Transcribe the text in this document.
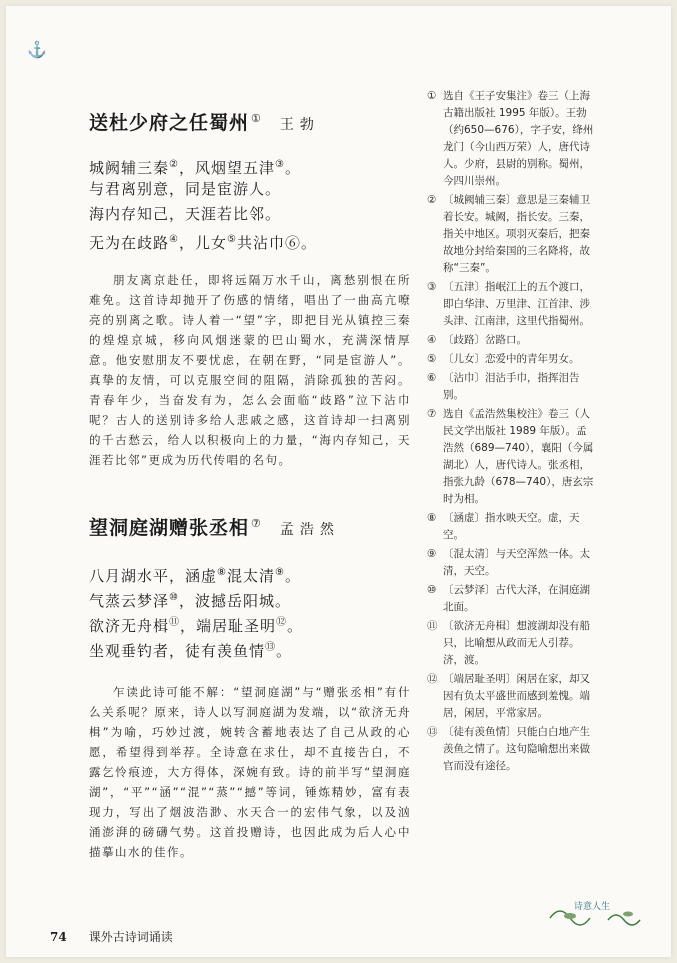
⚓
送杜少府之任蜀州 ① 王勃
城阙辅三秦②，风烟望五津③。
与君离别意，同是宦游人。
海内存知己，天涯若比邻。
无为在歧路④，儿女⑤共沾巾⑥。

朋友离京赴任，即将远隔万水千山，离愁别恨在所难免。这首诗却抛开了伤感的情绪，唱出了一曲高亢嘹亮的别离之歌。诗人着一“望”字，即把目光从镇控三秦的煌煌京城，移向风烟迷蒙的巴山蜀水，充满深情厚意。他安慰朋友不要忧虑，在朝在野，“同是宦游人”。真挚的友情，可以克服空间的阻隔，消除孤独的苦闷。青春年少，当奋发有为，怎么会面临“歧路”泣下沾巾呢？古人的送别诗多给人悲戚之感，这首诗却一扫离别的千古愁云，给人以积极向上的力量，“海内存知己，天涯若比邻”更成为历代传唱的名句。

望洞庭湖赠张丞相 ⑦ 孟浩然
八月湖水平，涵虚⑧混太清⑨。
气蒸云梦泽⑩，波撼岳阳城。
欲济无舟楫⑪，端居耻圣明⑫。
坐观垂钓者，徒有羡鱼情⑬。

乍读此诗可能不解：“望洞庭湖”与“赠张丞相”有什么关系呢？原来，诗人以写洞庭湖为发端，以“欲济无舟楫”为喻，巧妙过渡，婉转含蓄地表达了自己从政的心愿，希望得到举荐。全诗意在求仕，却不直接告白，不露乞怜痕迹，大方得体，深婉有致。诗的前半写“望洞庭湖”，“平”“涵”“混”“蒸”“撼”等词，锤炼精妙，富有表现力，写出了烟波浩渺、水天合一的宏伟气象，以及汹涌澎湃的磅礴气势。这首投赠诗，也因此成为后人心中描摹山水的佳作。

① 选自《王子安集注》卷三（上海古籍出版社 1995 年版）。王勃（约650—676），字子安，绛州龙门（今山西万荣）人，唐代诗人。少府，县尉的别称。蜀州，今四川崇州。
② 〔城阙辅三秦〕意思是三秦辅卫着长安。城阙，指长安。三秦，指关中地区。项羽灭秦后，把秦故地分封给秦国的三名降将，故称“三秦”。
③ 〔五津〕指岷江上的五个渡口，即白华津、万里津、江首津、涉头津、江南津，这里代指蜀州。
④ 〔歧路〕岔路口。
⑤ 〔儿女〕恋爱中的青年男女。
⑥ 〔沾巾〕泪沾手巾，指挥泪告别。
⑦ 选自《孟浩然集校注》卷三（人民文学出版社 1989 年版）。孟浩然（689—740），襄阳（今属湖北）人，唐代诗人。张丞相，指张九龄（678—740），唐玄宗时为相。
⑧ 〔涵虚〕指水映天空。虚，天空。
⑨ 〔混太清〕与天空浑然一体。太清，天空。
⑩ 〔云梦泽〕古代大泽，在洞庭湖北面。
⑪ 〔欲济无舟楫〕想渡湖却没有船只，比喻想从政而无人引荐。济，渡。
⑫ 〔端居耻圣明〕闲居在家，却又因有负太平盛世而感到羞愧。端居，闲居，平常家居。
⑬ 〔徒有羡鱼情〕只能白白地产生羡鱼之情了。这句隐喻想出来做官而没有途径。
74 课外古诗词诵读
诗意人生
